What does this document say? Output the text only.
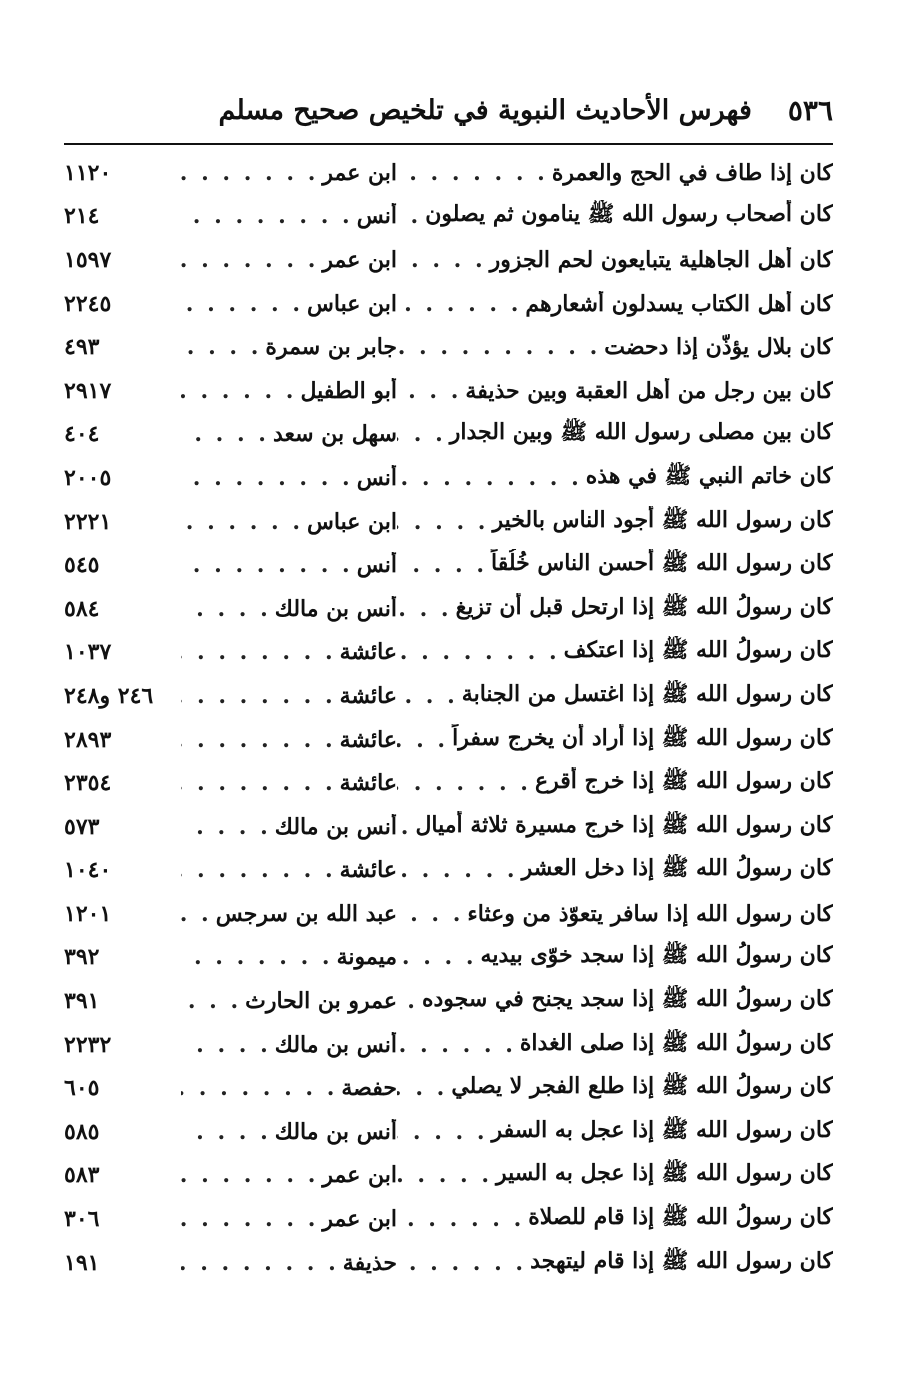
٥٣٦
فهرس الأحاديث النبوية في تلخيص صحيح مسلم
كان إذا طاف في الحج والعمرة
. . .
ابن عمر
. . .
١١٢٠
كان أصحاب رسول الله ﷺ ينامون ثم يصلون
. . .
أنس
. . .
٢١٤
كان أهل الجاهلية يتبايعون لحم الجزور
. . .
ابن عمر
. . .
١٥٩٧
كان أهل الكتاب يسدلون أشعارهم
. . .
ابن عباس
. . .
٢٢٤٥
كان بلال يؤذّن إذا دحضت
. . .
جابر بن سمرة
. . .
٤٩٣
كان بين رجل من أهل العقبة وبين حذيفة
. . .
أبو الطفيل
. . .
٢٩١٧
كان بين مصلى رسول الله ﷺ وبين الجدار
. . .
سهل بن سعد
. . .
٤٠٤
كان خاتم النبي ﷺ في هذه
. . .
أنس
. . .
٢٠٠٥
كان رسول الله ﷺ أجود الناس بالخير
. . .
ابن عباس
. . .
٢٢٢١
كان رسول الله ﷺ أحسن الناس خُلُقاً
. . .
أنس
. . .
٥٤٥
كان رسولُ الله ﷺ إذا ارتحل قبل أن تزيغ
. . .
أنس بن مالك
. . .
٥٨٤
كان رسولُ الله ﷺ إذا اعتكف
. . .
عائشة
. . .
١٠٣٧
كان رسول الله ﷺ إذا اغتسل من الجنابة
. . .
عائشة
. . .
٢٤٦ و٢٤٨
كان رسول الله ﷺ إذا أراد أن يخرج سفراً
. . .
عائشة
. . .
٢٨٩٣
كان رسول الله ﷺ إذا خرج أقرع
. . .
عائشة
. . .
٢٣٥٤
كان رسول الله ﷺ إذا خرج مسيرة ثلاثة أميال
. . .
أنس بن مالك
. . .
٥٧٣
كان رسولُ الله ﷺ إذا دخل العشر
. . .
عائشة
. . .
١٠٤٠
كان رسول الله إذا سافر يتعوّذ من وعثاء
. . .
عبد الله بن سرجس
. . .
١٢٠١
كان رسولُ الله ﷺ إذا سجد خوّى بيديه
. . .
ميمونة
. . .
٣٩٢
كان رسولُ الله ﷺ إذا سجد يجنح في سجوده
. . .
عمرو بن الحارث
. . .
٣٩١
كان رسولُ الله ﷺ إذا صلى الغداة
. . .
أنس بن مالك
. . .
٢٢٣٢
كان رسولُ الله ﷺ إذا طلع الفجر لا يصلي
. . .
حفصة
. . .
٦٠٥
كان رسول الله ﷺ إذا عجل به السفر
. . .
أنس بن مالك
. . .
٥٨٥
كان رسول الله ﷺ إذا عجل به السير
. . .
ابن عمر
. . .
٥٨٣
كان رسولُ الله ﷺ إذا قام للصلاة
. . .
ابن عمر
. . .
٣٠٦
كان رسول الله ﷺ إذا قام ليتهجد
. . .
حذيفة
. . .
١٩١
